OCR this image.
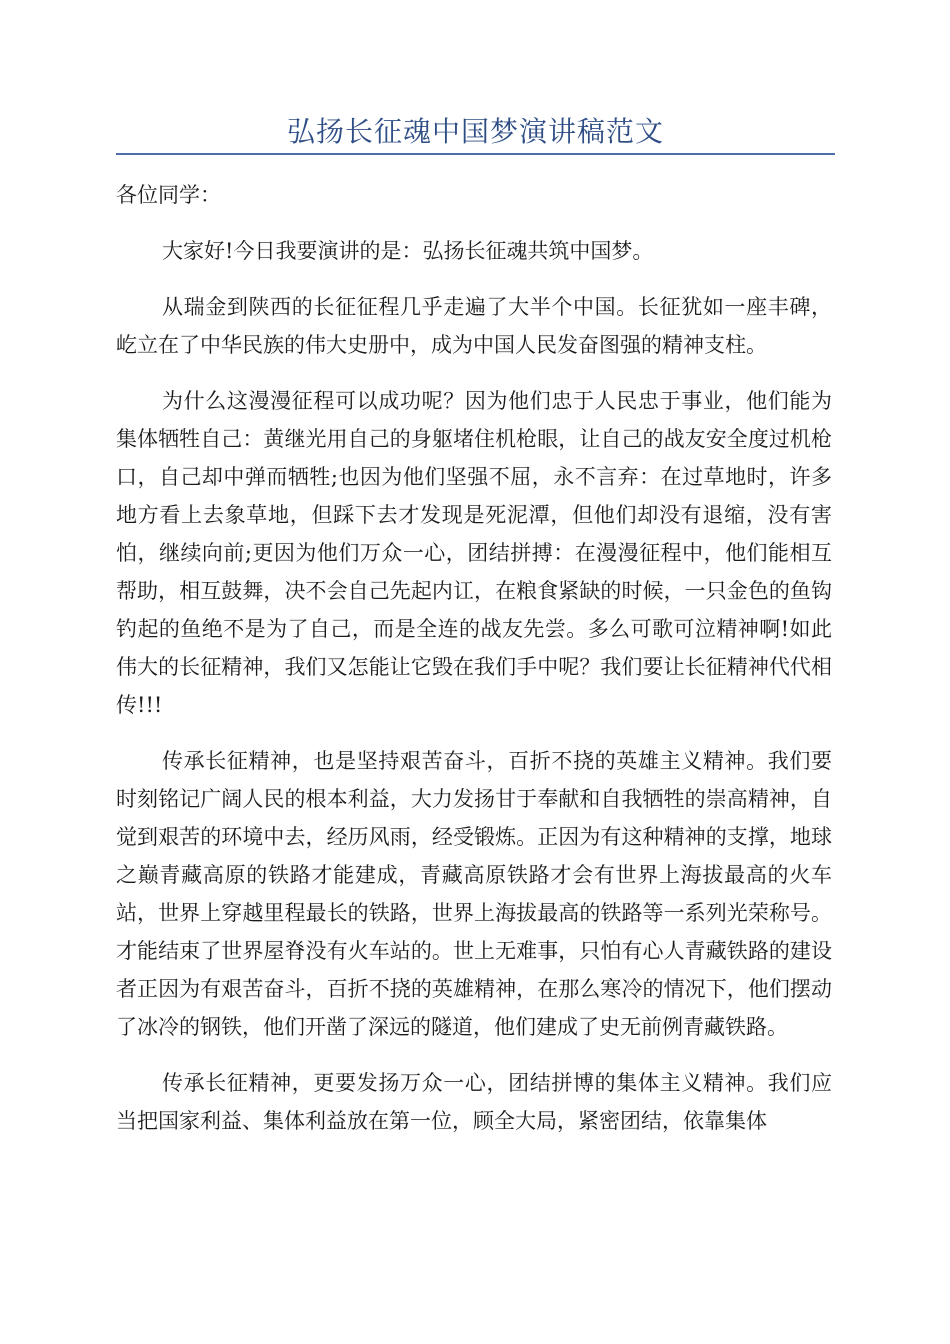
弘扬长征魂中国梦演讲稿范文

各位同学：

大家好!今日我要演讲的是：弘扬长征魂共筑中国梦。

从瑞金到陕西的长征征程几乎走遍了大半个中国。长征犹如一座丰碑，屹立在了中华民族的伟大史册中，成为中国人民发奋图强的精神支柱。

为什么这漫漫征程可以成功呢？因为他们忠于人民忠于事业，他们能为集体牺牲自己：黄继光用自己的身躯堵住机枪眼，让自己的战友安全度过机枪口，自己却中弹而牺牲;也因为他们坚强不屈，永不言弃：在过草地时，许多地方看上去象草地，但踩下去才发现是死泥潭，但他们却没有退缩，没有害怕，继续向前;更因为他们万众一心，团结拼搏：在漫漫征程中，他们能相互帮助，相互鼓舞，决不会自己先起内讧，在粮食紧缺的时候，一只金色的鱼钩钓起的鱼绝不是为了自己，而是全连的战友先尝。多么可歌可泣精神啊!如此伟大的长征精神，我们又怎能让它毁在我们手中呢？我们要让长征精神代代相传!!!

传承长征精神，也是坚持艰苦奋斗，百折不挠的英雄主义精神。我们要时刻铭记广阔人民的根本利益，大力发扬甘于奉献和自我牺牲的崇高精神，自觉到艰苦的环境中去，经历风雨，经受锻炼。正因为有这种精神的支撑，地球之巅青藏高原的铁路才能建成，青藏高原铁路才会有世界上海拔最高的火车站，世界上穿越里程最长的铁路，世界上海拔最高的铁路等一系列光荣称号。才能结束了世界屋脊没有火车站的。世上无难事，只怕有心人青藏铁路的建设者正因为有艰苦奋斗，百折不挠的英雄精神，在那么寒冷的情况下，他们摆动了冰冷的钢铁，他们开凿了深远的隧道，他们建成了史无前例青藏铁路。

传承长征精神，更要发扬万众一心，团结拼博的集体主义精神。我们应当把国家利益、集体利益放在第一位，顾全大局，紧密团结，依靠集体
